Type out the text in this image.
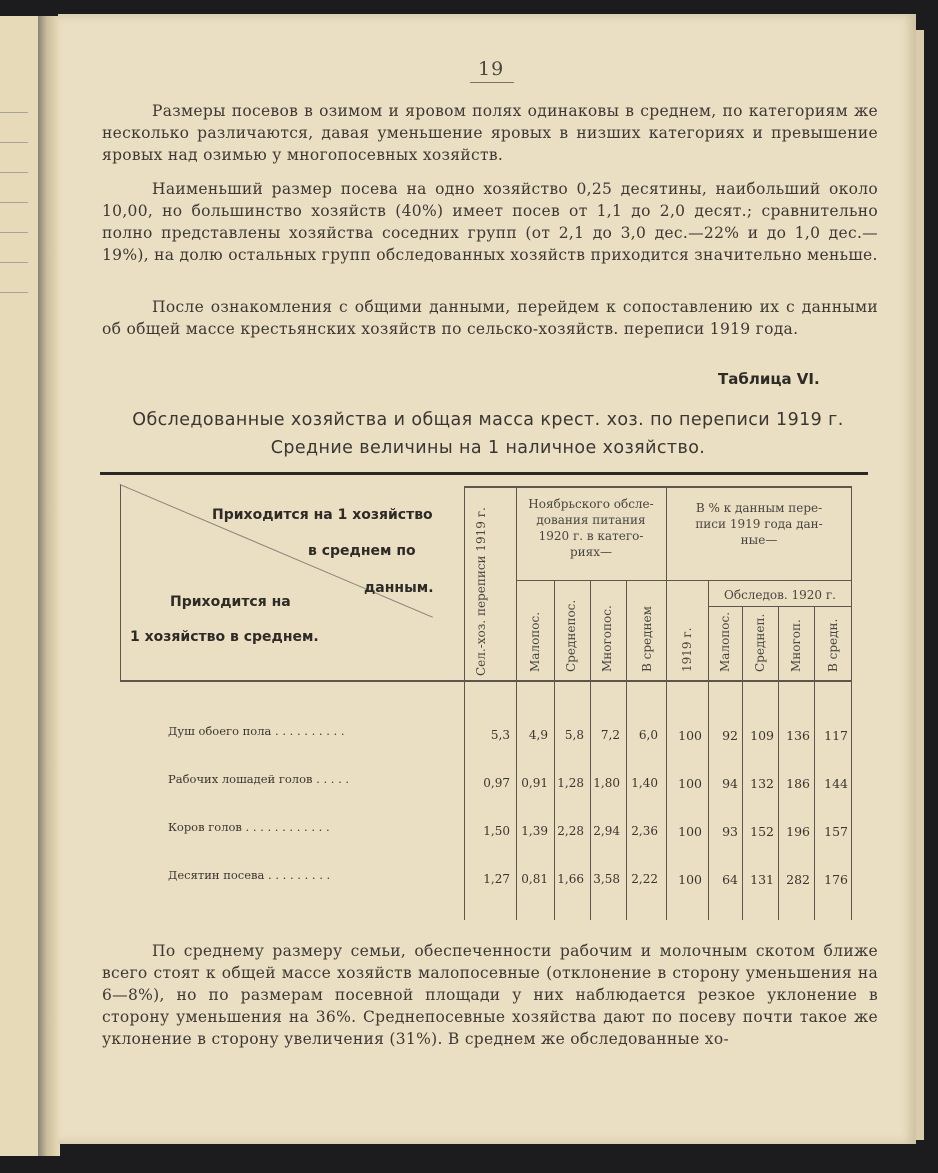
19
Размеры посевов в озимом и яровом полях одинаковы в среднем, по категориям же несколько различаются, давая уменьшение яровых в низших категориях и превышение яровых над озимью у многопосевных хозяйств.
Наименьший размер посева на одно хозяйство 0,25 десятины, наибольший около 10,00, но большинство хозяйств (40%) имеет посев от 1,1 до 2,0 десят.; сравнительно полно представлены хозяйства соседних групп (от 2,1 до 3,0 дес.—22% и до 1,0 дес.—19%), на долю остальных групп обследованных хозяйств приходится значительно меньше.
После ознакомления с общими данными, перейдем к сопоставлению их с данными об общей массе крестьянских хозяйств по сельско-хозяйств. переписи 1919 года.
Таблица VI.
Обследованные хозяйства и общая масса крест. хоз. по переписи 1919 г.
Средние величины на 1 наличное хозяйство.
Приходится на 1 хозяйство
в среднем по
данным.
Приходится на
1 хозяйство в среднем.	Сел.-хоз. переписи 1919 г.
Ноябрьского обсле-
дования питания
1920 г. в катего-
риях—
В % к данным пере-
писи 1919 года дан-
ные—
Обследов. 1920 г.
Малопос. Среднепос. Многопос. В среднем 1919 г. Малопос. Среднеп. Многоп. В средн.
Душ обоего пола . . . . . . . . . .	5,3	4,9	5,8	7,2	6,0	100	92 109 136	117
Рабочих лошадей голов . . . . .	0,97 0,91 1,28 1,80 1,40	100	94 132 186	144
Коров голов . . . . . . . . . . . .	1,50 1,39 2,28 2,94 2,36	100	93 152 196	157
Десятин посева . . . . . . . . .	1,27 0,81 1,66 3,58 2,22	100	64 131 282	176
По среднему размеру семьи, обеспеченности рабочим и молочным скотом ближе всего стоят к общей массе хозяйств малопосевные (отклонение в сторону уменьшения на 6—8%), но по размерам посевной площади у них наблюдается резкое уклонение в сторону уменьшения на 36%. Среднепосевные хозяйства дают по посеву почти такое же уклонение в сторону увеличения (31%). В среднем же обследованные хо-
